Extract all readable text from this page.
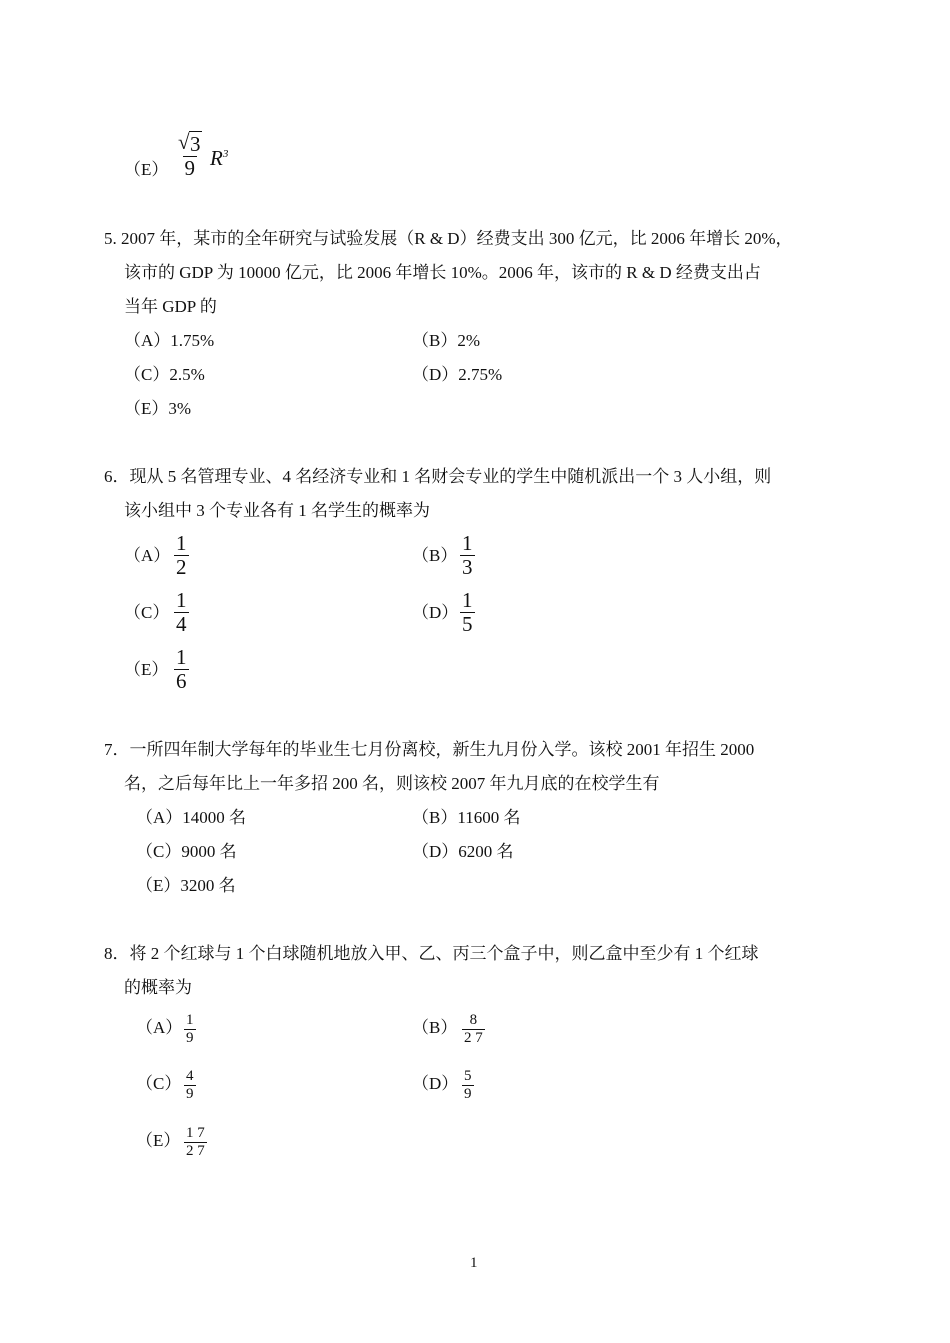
$(E) \frac{√ 3}{9} R^3$
5. 2007 年，某市的全年研究与试验发展（R & D）经费支出 300 亿元，比 2006 年增长 20%，
该市的 GDP 为 10000 亿元，比 2006 年增长 10%。2006 年，该市的 R & D 经费支出占
当年 GDP 的
（A）1.75%	（B）2%
（C）2.5%	（D）2.75%
（E）3%
6．现从 5 名管理专业、4 名经济专业和 1 名财会专业的学生中随机派出一个 3 人小组，则
该小组中 3 个专业各有 1 名学生的概率为
$(A) \frac{1}{2}$	$(B) \frac{1}{3}$
$(C) \frac{1}{4}$	$(D) \frac{1}{5}$
$(E) \frac{1}{6}$
7．一所四年制大学每年的毕业生七月份离校，新生九月份入学。该校 2001 年招生 2000
名，之后每年比上一年多招 200 名，则该校 2007 年九月底的在校学生有
（A）14000 名	（B）11600 名
（C）9000 名	（D）6200 名
（E）3200 名
8．将 2 个红球与 1 个白球随机地放入甲、乙、丙三个盒子中，则乙盒中至少有 1 个红球
的概率为
$(A) \frac{1}{9}$	$(B) \frac{8}{2 7}$
$(C) \frac{4}{9}$	$(D) \frac{5}{9}$
$(E) \frac{1 7}{2 7}$
1
